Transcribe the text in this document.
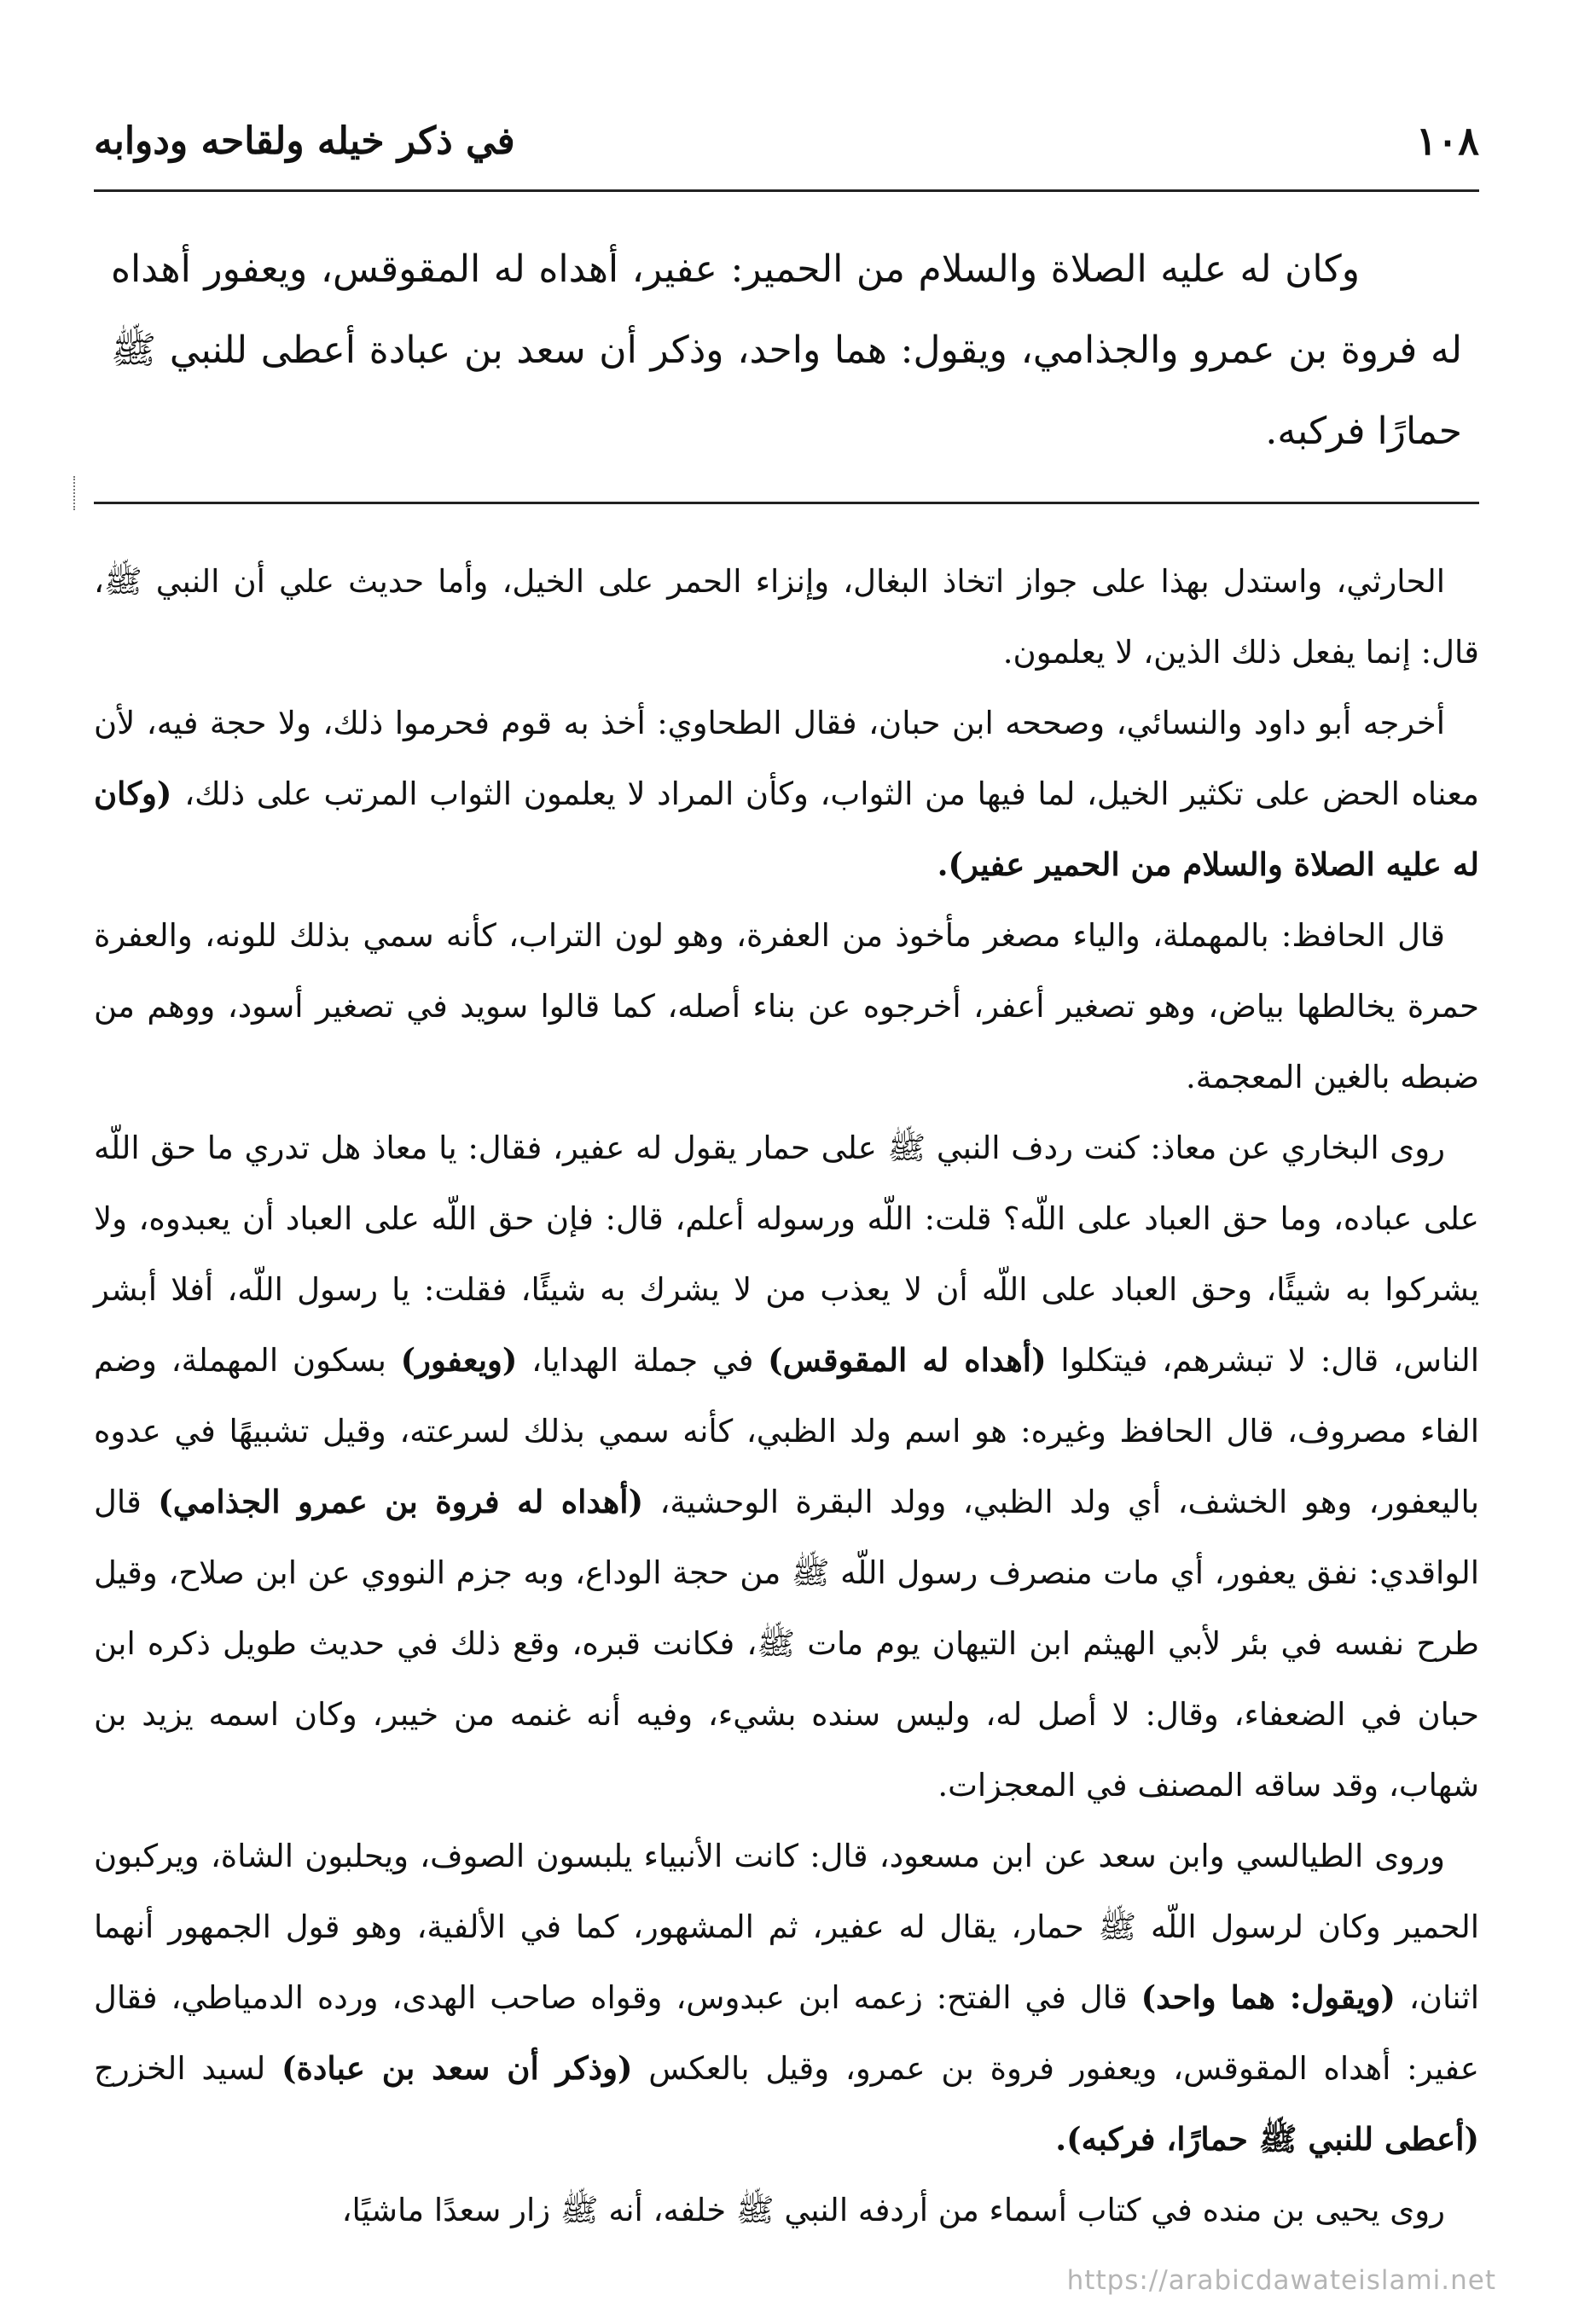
١٠٨
في ذكر خيله ولقاحه ودوابه

وكان له عليه الصلاة والسلام من الحمير: عفير، أهداه له المقوقس، ويعفور أهداه له فروة بن عمرو والجذامي، ويقول: هما واحد، وذكر أن سعد بن عبادة أعطى للنبي ﷺ حمارًا فركبه.

الحارثي، واستدل بهذا على جواز اتخاذ البغال، وإنزاء الحمر على الخيل، وأما حديث علي أن النبي ﷺ، قال: إنما يفعل ذلك الذين، لا يعلمون.

أخرجه أبو داود والنسائي، وصححه ابن حبان، فقال الطحاوي: أخذ به قوم فحرموا ذلك، ولا حجة فيه، لأن معناه الحض على تكثير الخيل، لما فيها من الثواب، وكأن المراد لا يعلمون الثواب المرتب على ذلك، (وكان له عليه الصلاة والسلام من الحمير عفير).

قال الحافظ: بالمهملة، والياء مصغر مأخوذ من العفرة، وهو لون التراب، كأنه سمي بذلك للونه، والعفرة حمرة يخالطها بياض، وهو تصغير أعفر، أخرجوه عن بناء أصله، كما قالوا سويد في تصغير أسود، ووهم من ضبطه بالغين المعجمة.

روى البخاري عن معاذ: كنت ردف النبي ﷺ على حمار يقول له عفير، فقال: يا معاذ هل تدري ما حق اللّه على عباده، وما حق العباد على اللّه؟ قلت: اللّه ورسوله أعلم، قال: فإن حق اللّه على العباد أن يعبدوه، ولا يشركوا به شيئًا، وحق العباد على اللّه أن لا يعذب من لا يشرك به شيئًا، فقلت: يا رسول اللّه، أفلا أبشر الناس، قال: لا تبشرهم، فيتكلوا (أهداه له المقوقس) في جملة الهدايا، (ويعفور) بسكون المهملة، وضم الفاء مصروف، قال الحافظ وغيره: هو اسم ولد الظبي، كأنه سمي بذلك لسرعته، وقيل تشبيهًا في عدوه باليعفور، وهو الخشف، أي ولد الظبي، وولد البقرة الوحشية، (أهداه له فروة بن عمرو الجذامي) قال الواقدي: نفق يعفور، أي مات منصرف رسول اللّه ﷺ من حجة الوداع، وبه جزم النووي عن ابن صلاح، وقيل طرح نفسه في بئر لأبي الهيثم ابن التيهان يوم مات ﷺ، فكانت قبره، وقع ذلك في حديث طويل ذكره ابن حبان في الضعفاء، وقال: لا أصل له، وليس سنده بشيء، وفيه أنه غنمه من خيبر، وكان اسمه يزيد بن شهاب، وقد ساقه المصنف في المعجزات.

وروى الطيالسي وابن سعد عن ابن مسعود، قال: كانت الأنبياء يلبسون الصوف، ويحلبون الشاة، ويركبون الحمير وكان لرسول اللّه ﷺ حمار، يقال له عفير، ثم المشهور، كما في الألفية، وهو قول الجمهور أنهما اثنان، (ويقول: هما واحد) قال في الفتح: زعمه ابن عبدوس، وقواه صاحب الهدى، ورده الدمياطي، فقال عفير: أهداه المقوقس، ويعفور فروة بن عمرو، وقيل بالعكس (وذكر أن سعد بن عبادة) لسيد الخزرج (أعطى للنبي ﷺ حمارًا، فركبه).

روى يحيى بن منده في كتاب أسماء من أردفه النبي ﷺ خلفه، أنه ﷺ زار سعدًا ماشيًا،

https://arabicdawateislami.net
